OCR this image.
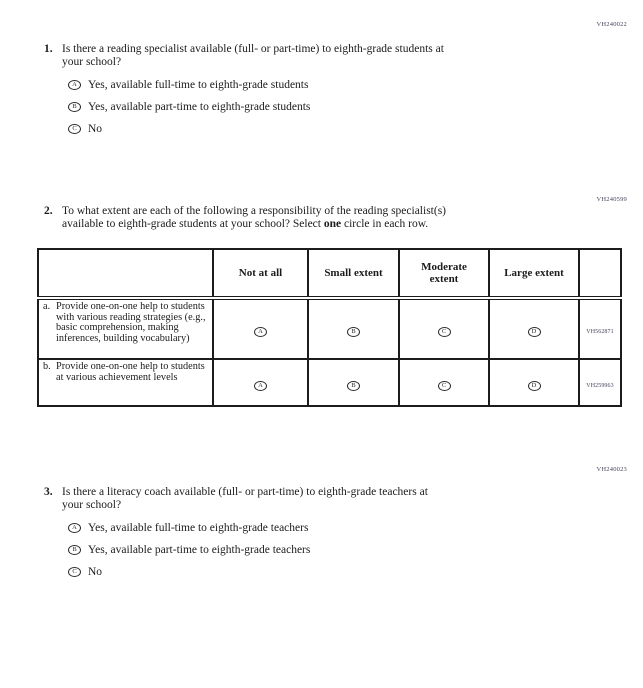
VH240022
VH240599
VH240023
1. Is there a reading specialist available (full- or part-time) to eighth-grade students at
your school?
A Yes, available full-time to eighth-grade students
B Yes, available part-time to eighth-grade students
C No
2. To what extent are each of the following a responsibility of the reading specialist(s)
available to eighth-grade students at your school? Select one circle in each row.
	Not at all	Small extent	Moderate extent	Large extent	

a. Provide one-on-one help to students with various reading strategies (e.g., basic comprehension, making inferences, building vocabulary)	A	B	C	D	VH562871

b. Provide one-on-one help to students at various achievement levels	A	B	C	D	VH259963
3. Is there a literacy coach available (full- or part-time) to eighth-grade teachers at
your school?
A Yes, available full-time to eighth-grade teachers
B Yes, available part-time to eighth-grade teachers
C No
